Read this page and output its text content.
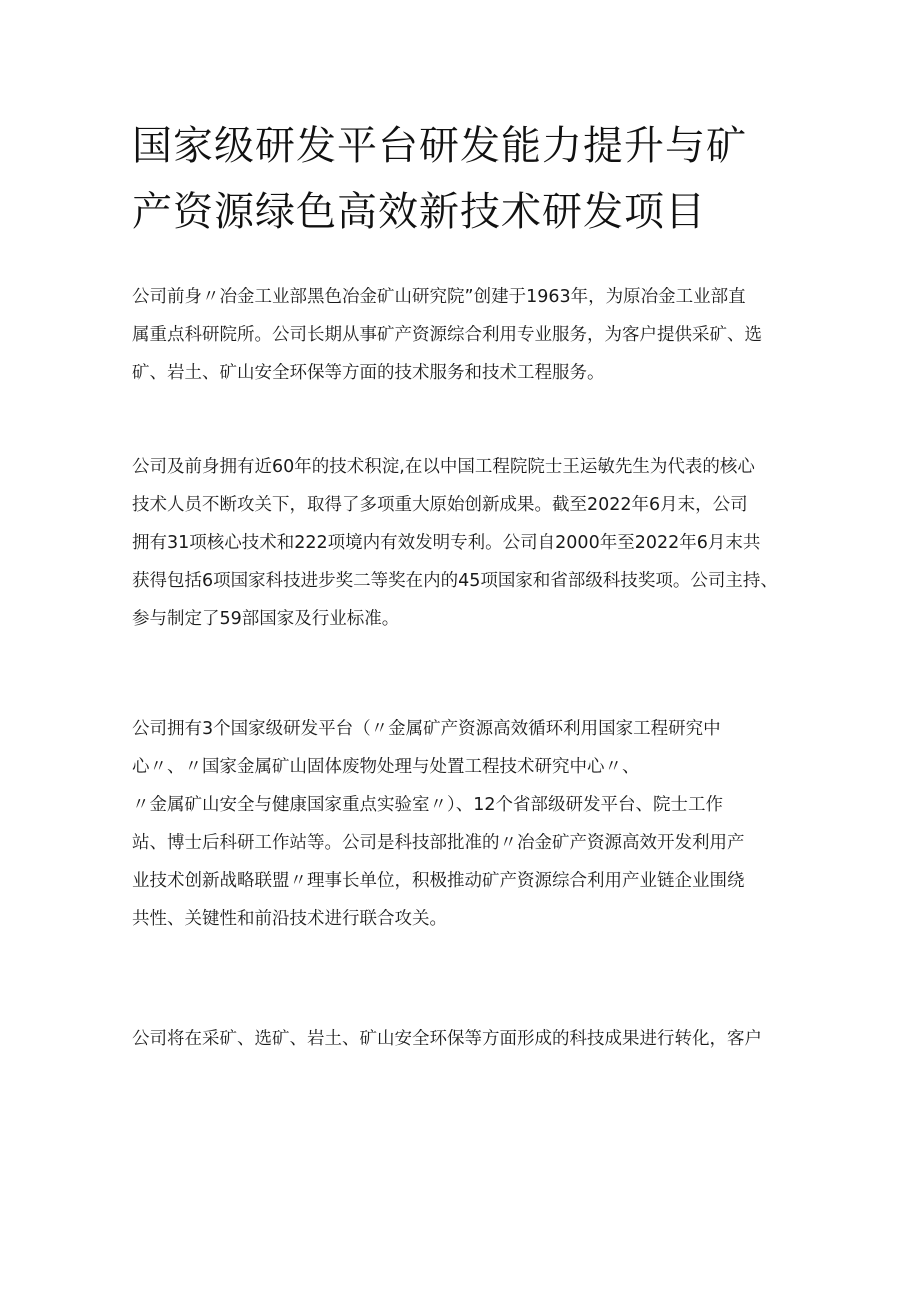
国家级研发平台研发能力提升与矿
产资源绿色高效新技术研发项目

公司前身〃冶金工业部黑色冶金矿山研究院”创建于1963年，为原冶金工业部直
属重点科研院所。公司长期从事矿产资源综合利用专业服务，为客户提供采矿、选
矿、岩土、矿山安全环保等方面的技术服务和技术工程服务。

公司及前身拥有近60年的技术积淀,在以中国工程院院士王运敏先生为代表的核心
技术人员不断攻关下，取得了多项重大原始创新成果。截至2022年6月末，公司
拥有31项核心技术和222项境内有效发明专利。公司自2000年至2022年6月末共
获得包括6项国家科技进步奖二等奖在内的45项国家和省部级科技奖项。公司主持、
参与制定了59部国家及行业标准。

公司拥有3个国家级研发平台（〃金属矿产资源高效循环利用国家工程研究中
心〃、〃国家金属矿山固体废物处理与处置工程技术研究中心〃、
〃金属矿山安全与健康国家重点实验室〃）、12个省部级研发平台、院士工作
站、博士后科研工作站等。公司是科技部批准的〃冶金矿产资源高效开发利用产
业技术创新战略联盟〃理事长单位，积极推动矿产资源综合利用产业链企业围绕
共性、关键性和前沿技术进行联合攻关。

公司将在采矿、选矿、岩土、矿山安全环保等方面形成的科技成果进行转化，客户
